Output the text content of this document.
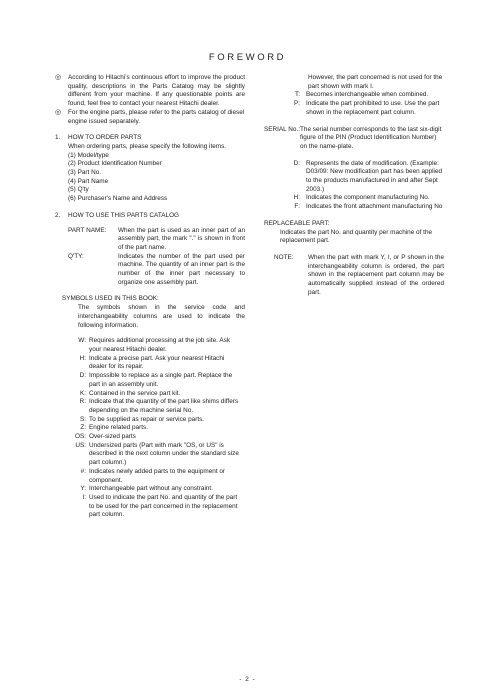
FOREWORD
◎	According to Hitachi’s continuous effort to improve the product quality, descriptions in the Parts Catalog may be slightly different from your machine. If any questionable points are found, feel free to contact your nearest Hitachi dealer.
◎	For the engine parts, please refer to the parts catalog of diesel engine issued separately.
1.	HOW TO ORDER PARTS
When ordering parts, please specify the following items.
(1) Model/type
(2) Product Identification Number
(3) Part No.
(4) Part Name
(5) Q'ty
(6) Purchaser's Name and Address
2.	HOW TO USE THIS PARTS CATALOG
PART NAME:	When the part is used as an inner part of an assembly part, the mark "." is shown in front of the part name.
Q'TY:	Indicates the number of the part used per machine. The quantity of an inner part is the number of the inner part necessary to organize one assembly part.
SYMBOLS USED IN THIS BOOK:
The symbols shown in the service code and interchangeability columns are used to indicate the following information.
W: Requires additional processing at the job site. Ask your nearest Hitachi dealer.
H: Indicate a precise part. Ask your nearest Hitachi dealer for its repair.
D: Impossible to replace as a single part. Replace the part in an assembly unit.
K: Contained in the service part kit.
R: Indicate that the quantity of the part like shims differs depending on the machine serial No.
S: To be supplied as repair or service parts.
Z: Engine related parts.
OS: Over-sized parts
US: Undersized parts (Part with mark "OS, or US" is described in the next column under the standard size part column.)
#: Indicates newly added parts to the equipment or component.
Y: Interchangeable part without any constraint.
I: Used to indicate the part No. and quantity of the part to be used for the part concerned in the replacement part column.
However, the part concerned is not used for the part shown with mark I.
T: Becomes interchangeable when combined.
P: Indicate the part prohibited to use. Use the part shown in the replacement part column.
SERIAL No.: The serial number corresponds to the last six-digit figure of the PIN (Product Identification Number) on the name-plate.
D: Represents the date of modification. (Example: D03/09: New modification part has been applied to the products manufactured in and after Sept 2003.)
H: Indicates the component manufacturing No.
F: Indicates the front attachment manufacturing No
REPLACEABLE PART:
Indicates the part No. and quantity per machine of the replacement part.
NOTE:	When the part with mark Y, I, or P shown in the interchangeability column is ordered, the part shown in the replacement part column may be automatically supplied instead of the ordered part.
- 2 -
